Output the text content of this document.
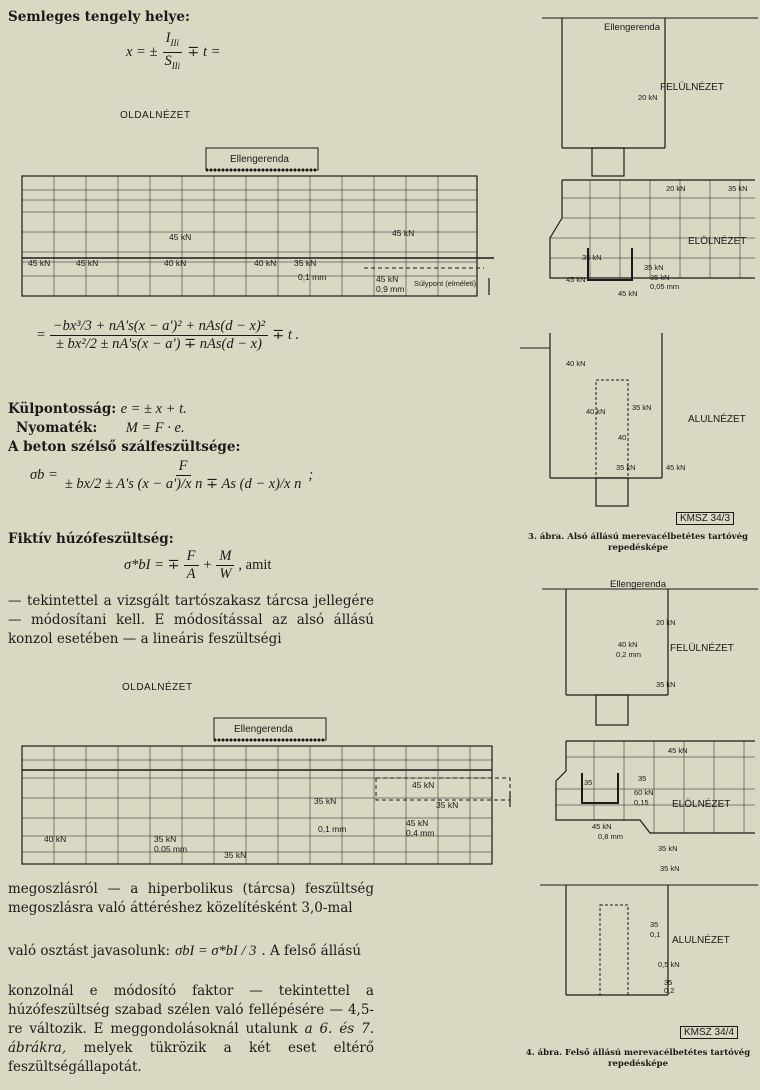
Semleges tengely helye:
x = ± $\frac{I_{IIi}}{S_{IIi}} \mp t$ =
OLDALNÉZET
Ellengerenda
45 kN	45 kN
45 kN	45 kN	40 kN	40 kN 35 kN
0,1 mm	45 kN
0,9 mm
Súlypont (elméleti)
= $\frac{\text{−bx³/3 + nA's(x − a')² + nAs(d − x)²}}{\text{± bx²/2 ± nA's(x − a') ∓ nAs(d − x)}} \mp t$ .
Külpontosság: e = ± x + t.
Nyomaték: M = F · e.
A beton szélső szálfeszültsége:
$\sigma b = \frac{F}{\text{± bx/2 ± A's (x − a')/x n ∓ As (d − x)/x n}}$ ;
Fiktív húzófeszültség:
σ*bI = ∓ $\frac{F}{A} + \frac{M}{W}$ , amit
— tekintettel a vizsgált tartószakasz tárcsa jellegére — módosítani kell. E módosítással az alsó állású konzol esetében — a lineáris feszültségi
OLDALNÉZET
Ellengerenda
45 kN
35 kN	35 kN
45 kN
0,1 mm	0,4 mm
40 kN	35 kN
0,05 mm
35 kN
megoszlásról — a hiperbolikus (tárcsa) feszültség megoszlásra való áttéréshez közelítésként 3,0-mal
való osztást javasolunk: σbI = σ*bI / 3 . A felső állású
konzolnál e módosító faktor — tekintettel a húzófeszültség szabad szélen való fellépésére — 4,5-re változik. E meggondolásoknál utalunk a 6. és 7. ábrákra, melyek tükrözik a két eset eltérő feszültségállapotát.
Ellengerenda
FELÜLNÉZET
20 kN
20 kN	35 kN
35 kN
35 kN
45 kN	35 kN
0,05 mm
45 kN
ELÖLNÉZET
40 kN
40 kN	35 kN
40
35 kN	45 kN
ALULNÉZET
KMSZ 34/3
3. ábra. Alsó állású merevacélbetétes tartóvég repedésképe
Ellengerenda
FELÜLNÉZET
20 kN
40 kN
0,2 mm
35 kN
45 kN
35	35
60 kN
0,15
45 kN
0,8 mm
35 kN
35 kN
ELÖLNÉZET
35
0,1
0,5 kN
35
0,2
ALULNÉZET
KMSZ 34/4
4. ábra. Felső állású merevacélbetétes tartóvég repedésképe
